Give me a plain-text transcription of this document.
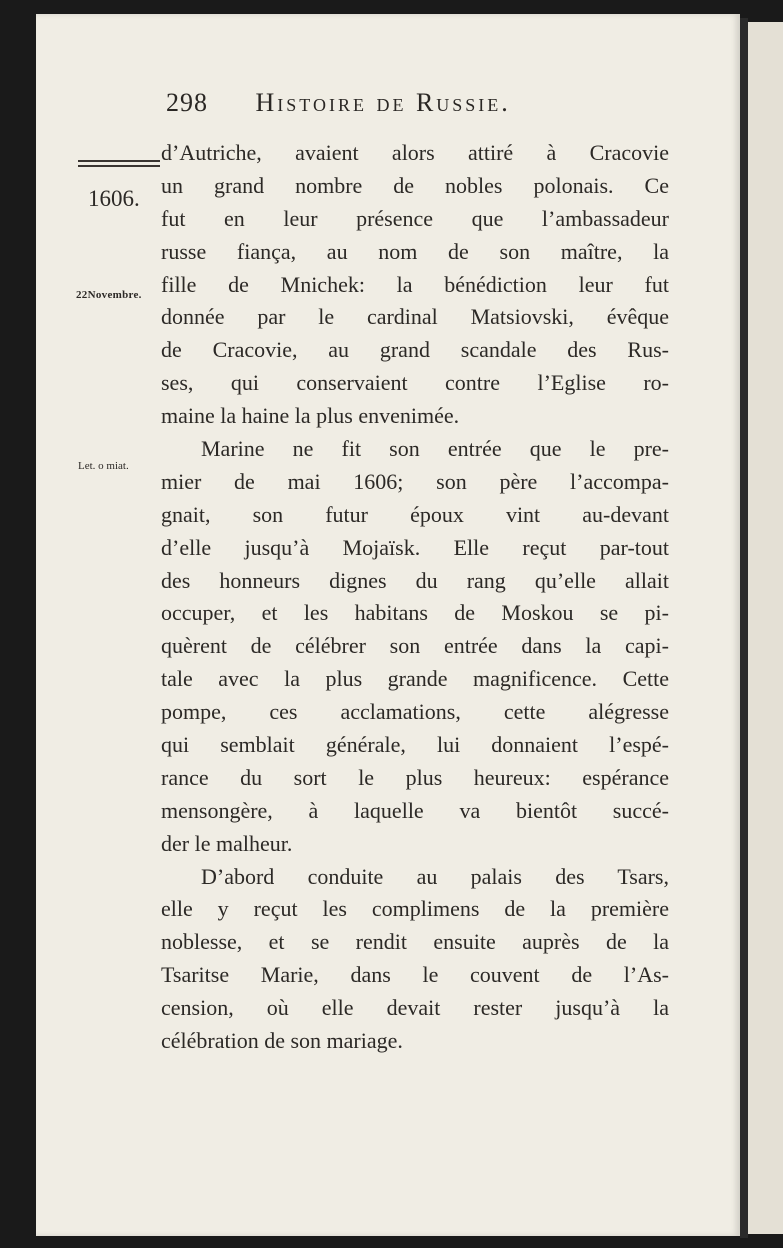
298 Histoire de Russie.
1606.
22Novembre.
Let. o miat.
d’Autriche, avaient alors attiré à Cracovie
un grand nombre de nobles polonais. Ce
fut en leur présence que l’ambassadeur
russe fiança, au nom de son maître, la
fille de Mnichek: la bénédiction leur fut
donnée par le cardinal Matsiovski, évêque
de Cracovie, au grand scandale des Rus-
ses, qui conservaient contre l’Eglise ro-
maine la haine la plus envenimée.
Marine ne fit son entrée que le pre-
mier de mai 1606; son père l’accompa-
gnait, son futur époux vint au-devant
d’elle jusqu’à Mojaïsk. Elle reçut par-tout
des honneurs dignes du rang qu’elle allait
occuper, et les habitans de Moskou se pi-
quèrent de célébrer son entrée dans la capi-
tale avec la plus grande magnificence. Cette
pompe, ces acclamations, cette alégresse
qui semblait générale, lui donnaient l’espé-
rance du sort le plus heureux: espérance
mensongère, à laquelle va bientôt succé-
der le malheur.
D’abord conduite au palais des Tsars,
elle y reçut les complimens de la première
noblesse, et se rendit ensuite auprès de la
Tsaritse Marie, dans le couvent de l’As-
cension, où elle devait rester jusqu’à la
célébration de son mariage.
